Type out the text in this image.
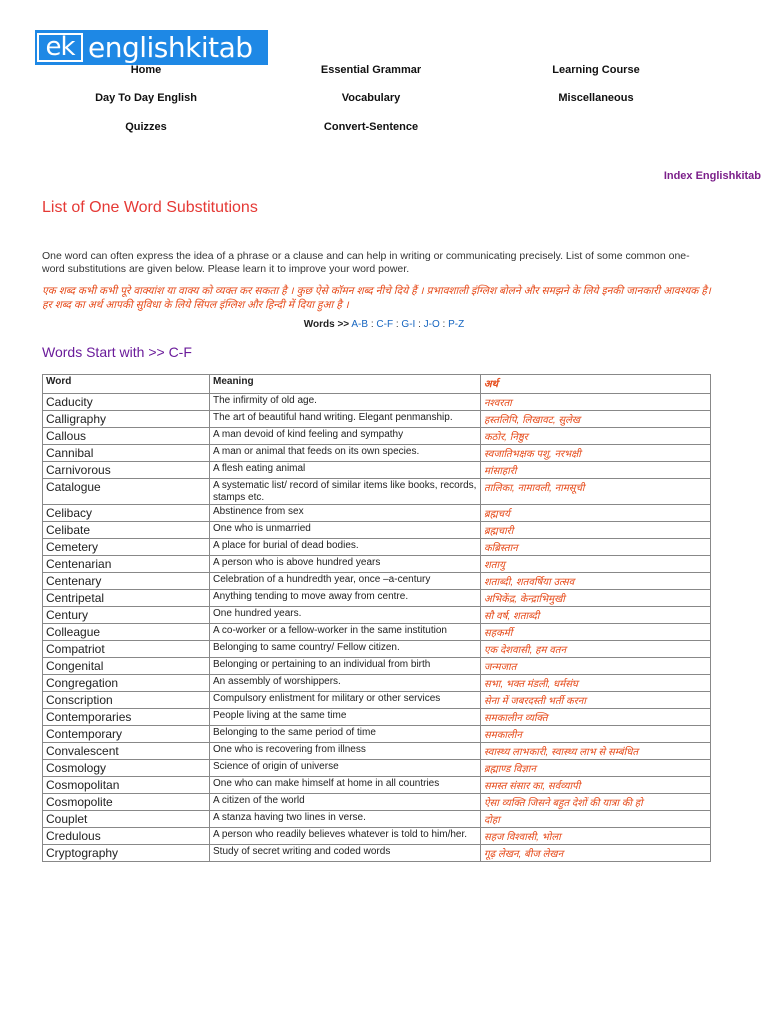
ek englishkitab
Home	Essential Grammar	Learning Course
Day To Day English	Vocabulary	Miscellaneous
Quizzes	Convert-Sentence
Index Englishkitab
List of One Word Substitutions

One word can often express the idea of a phrase or a clause and can help in writing or communicating precisely. List of some common one-word substitutions are given below. Please learn it to improve your word power.

एक शब्द कभी कभी पूरे वाक्यांश या वाक्य को व्यक्त कर सकता है । कुछ ऐसे कॉमन शब्द नीचे दिये हैं । प्रभावशाली इंग्लिश बोलने और समझने के लिये इनकी जानकारी आवश्यक है। हर शब्द का अर्थ आपकी सुविधा के लिये सिंपल इंग्लिश और हिन्दी में दिया हुआ है ।

Words >> A-B : C-F : G-I : J-O : P-Z
Words Start with >> C-F
Word	Meaning	अर्थ
Caducity	The infirmity of old age.	नश्वरता
Calligraphy	The art of beautiful hand writing. Elegant penmanship.	हस्तलिपि, लिखावट, सुलेख
Callous	A man devoid of kind feeling and sympathy	कठोर, निष्ठुर
Cannibal	A man or animal that feeds on its own species.	स्वजातिभक्षक पशु, नरभक्षी
Carnivorous	A flesh eating animal	मांसाहारी
Catalogue	A systematic list/ record of similar items like books, records, stamps etc.	तालिका, नामावली, नामसूची
Celibacy	Abstinence from sex	ब्रह्मचर्य
Celibate	One who is unmarried	ब्रह्मचारी
Cemetery	A place for burial of dead bodies.	कब्रिस्तान
Centenarian	A person who is above hundred years	शतायु
Centenary	Celebration of a hundredth year, once –a-century	शताब्दी, शतवर्षिया उत्सव
Centripetal	Anything tending to move away from centre.	अभिकेंद्र, केन्द्राभिमुखी
Century	One hundred years.	सौ वर्ष, शताब्दी
Colleague	A co-worker or a fellow-worker in the same institution	सहकर्मी
Compatriot	Belonging to same country/ Fellow citizen.	एक देशवासी, हम वतन
Congenital	Belonging or pertaining to an individual from birth	जन्मजात
Congregation	An assembly of worshippers.	सभा, भक्त मंडली, धर्मसंघ
Conscription	Compulsory enlistment for military or other services	सेना में जबरदस्ती भर्ती करना
Contemporaries	People living at the same time	समकालीन व्यक्ति
Contemporary	Belonging to the same period of time	समकालीन
Convalescent	One who is recovering from illness	स्वास्थ्य लाभकारी, स्वास्थ्य लाभ से सम्बंधित
Cosmology	Science of origin of universe	ब्रह्माण्ड विज्ञान
Cosmopolitan	One who can make himself at home in all countries	समस्त संसार का, सर्वव्यापी
Cosmopolite	A citizen of the world	ऐसा व्यक्ति जिसने बहुत देशों की यात्रा की हो
Couplet	A stanza having two lines in verse.	दोहा
Credulous	A person who readily believes whatever is told to him/her.	सहज विश्वासी, भोला
Cryptography	Study of secret writing and coded words	गूढ़ लेखन, बीज लेखन
